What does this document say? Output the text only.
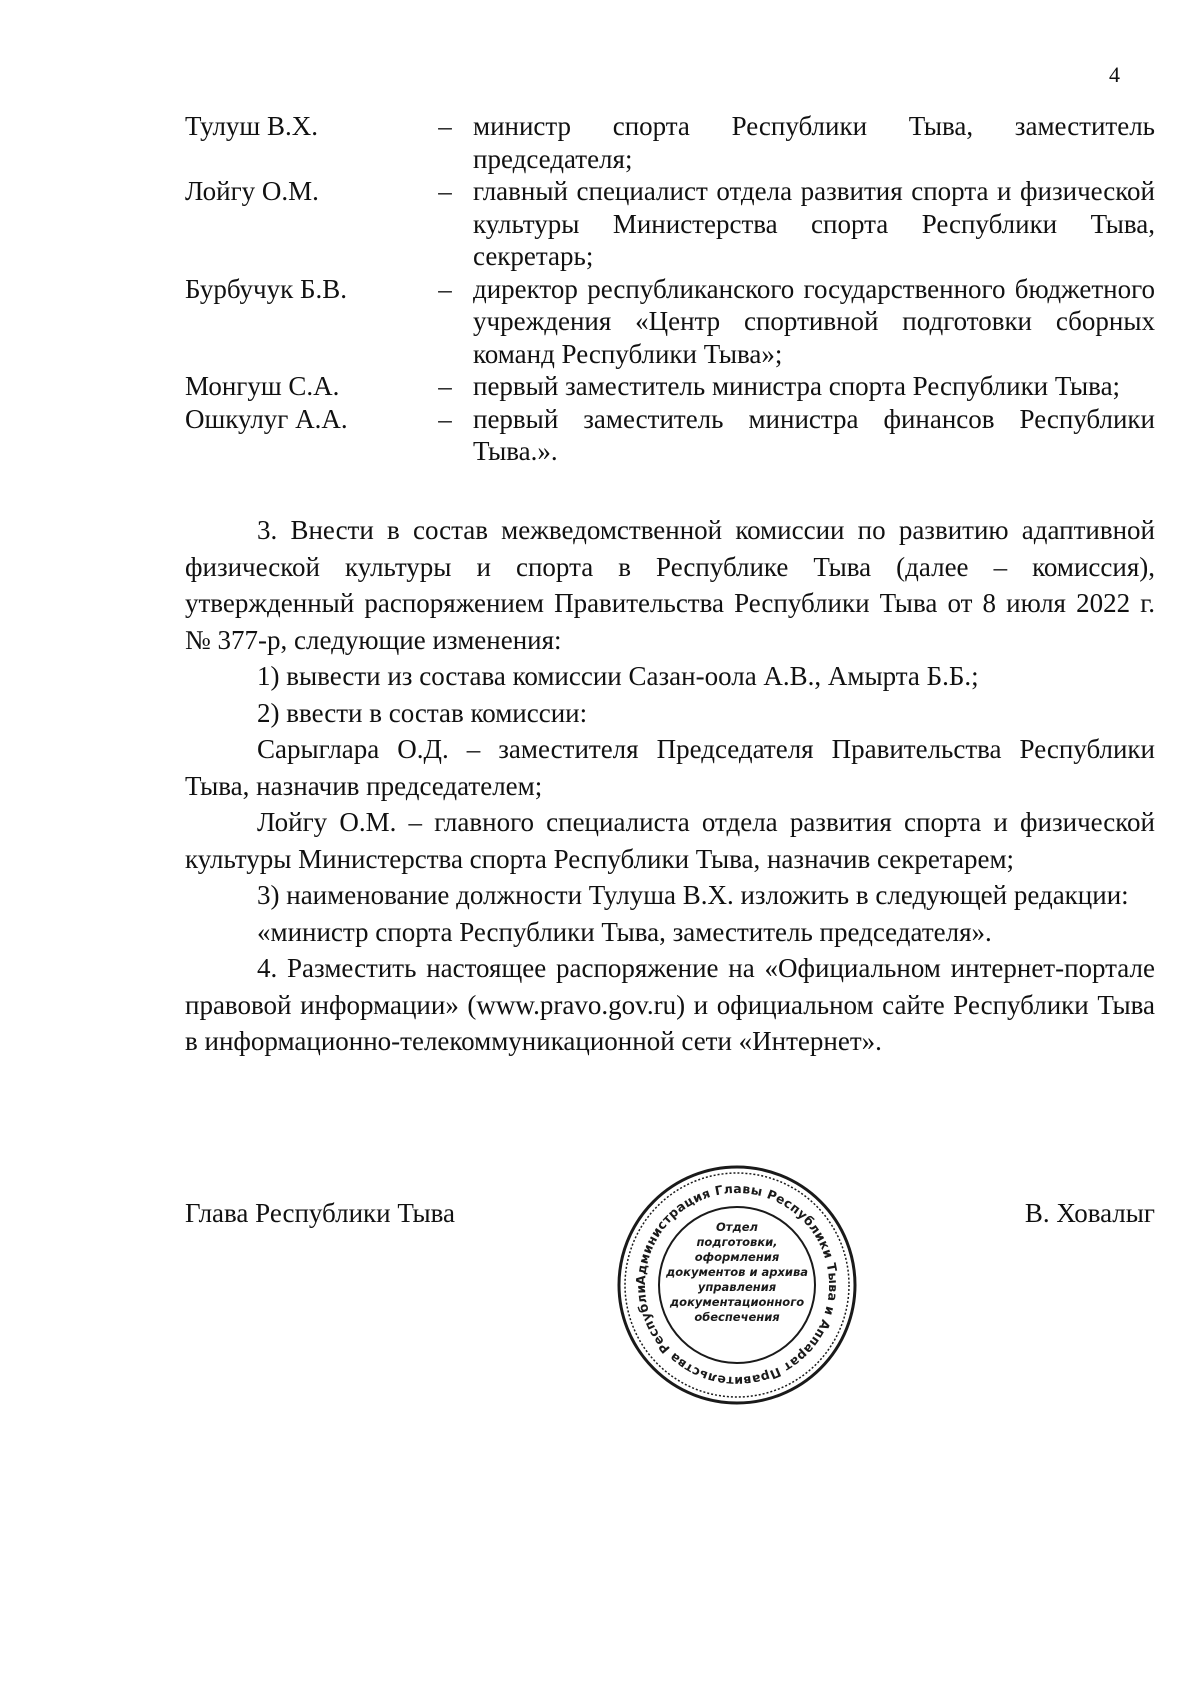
4
Тулуш В.Х.	– министр спорта Республики Тыва, заместитель председателя;
Лойгу О.М.	– главный специалист отдела развития спорта и физической культуры Министерства спорта Республики Тыва, секретарь;
Бурбучук Б.В.	– директор республиканского государственного бюджетного учреждения «Центр спортивной подготовки сборных команд Республики Тыва»;
Монгуш С.А.	– первый заместитель министра спорта Республики Тыва;
Ошкулуг А.А.	– первый заместитель министра финансов Республики Тыва.».

3. Внести в состав межведомственной комиссии по развитию адаптивной физической культуры и спорта в Республике Тыва (далее – комиссия), утвержденный распоряжением Правительства Республики Тыва от 8 июля 2022 г. № 377-р, следующие изменения:

1) вывести из состава комиссии Сазан-оола А.В., Амырта Б.Б.;

2) ввести в состав комиссии:

Сарыглара О.Д. – заместителя Председателя Правительства Республики Тыва, назначив председателем;

Лойгу О.М. – главного специалиста отдела развития спорта и физической культуры Министерства спорта Республики Тыва, назначив секретарем;

3) наименование должности Тулуша В.Х. изложить в следующей редакции:

«министр спорта Республики Тыва, заместитель председателя».

4. Разместить настоящее распоряжение на «Официальном интернет-портале правовой информации» (www.pravo.gov.ru) и официальном сайте Республики Тыва в информационно-телекоммуникационной сети «Интернет».

Глава Республики Тыва	В. Ховалыг
Администрация Главы Республики Тыва и Аппарат Правительства Республи
Отдел
подготовки,
оформления
документов и архива
управления
документационного
обеспечения
